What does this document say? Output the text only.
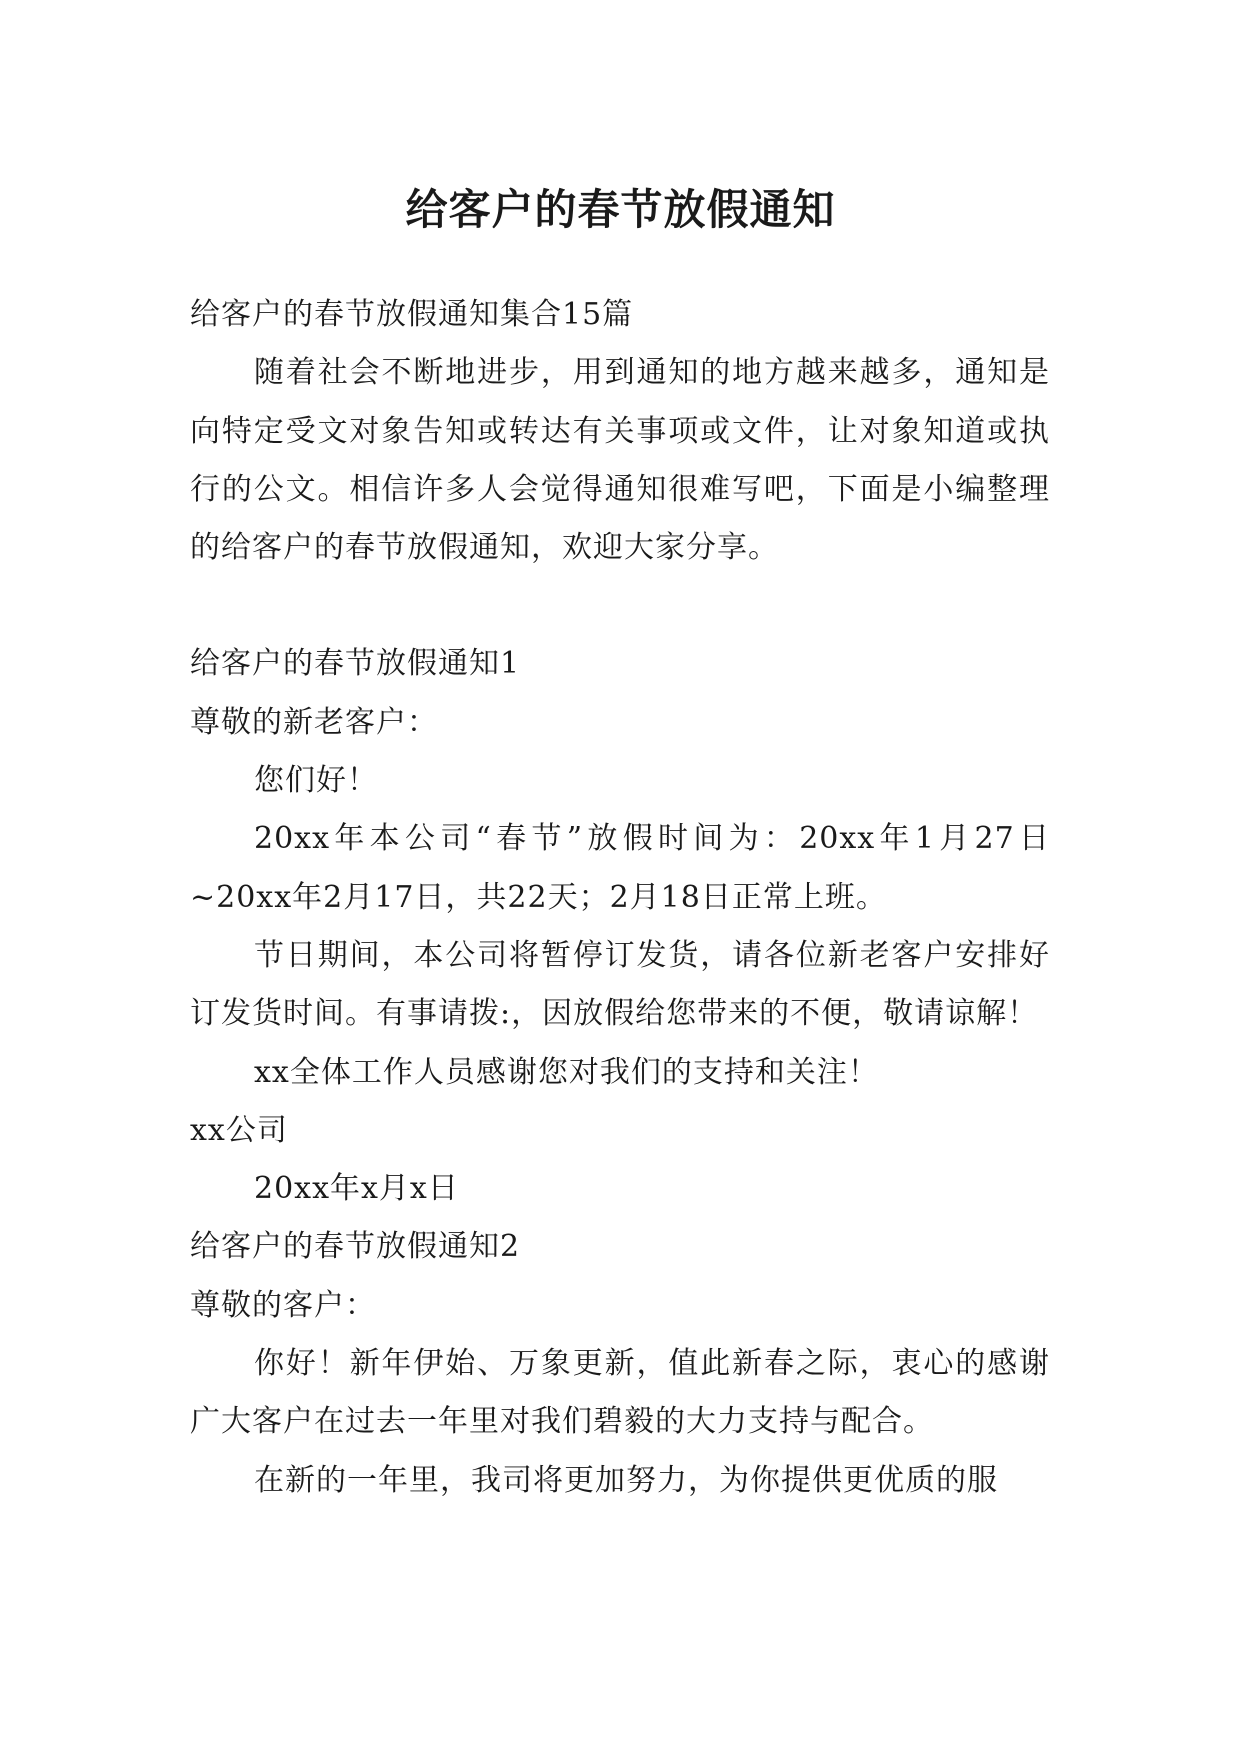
给客户的春节放假通知

给客户的春节放假通知集合15篇

随着社会不断地进步，用到通知的地方越来越多，通知是向特定受文对象告知或转达有关事项或文件，让对象知道或执行的公文。相信许多人会觉得通知很难写吧，下面是小编整理的给客户的春节放假通知，欢迎大家分享。

给客户的春节放假通知1

尊敬的新老客户：

您们好！

20xx年本公司“春节”放假时间为：20xx年1月27日~20xx年2月17日，共22天；2月18日正常上班。

节日期间，本公司将暂停订发货，请各位新老客户安排好订发货时间。有事请拨:，因放假给您带来的不便，敬请谅解！

xx全体工作人员感谢您对我们的支持和关注！

xx公司

20xx年x月x日

给客户的春节放假通知2

尊敬的客户：

你好！新年伊始、万象更新，值此新春之际，衷心的感谢广大客户在过去一年里对我们碧毅的大力支持与配合。

在新的一年里，我司将更加努力，为你提供更优质的服
